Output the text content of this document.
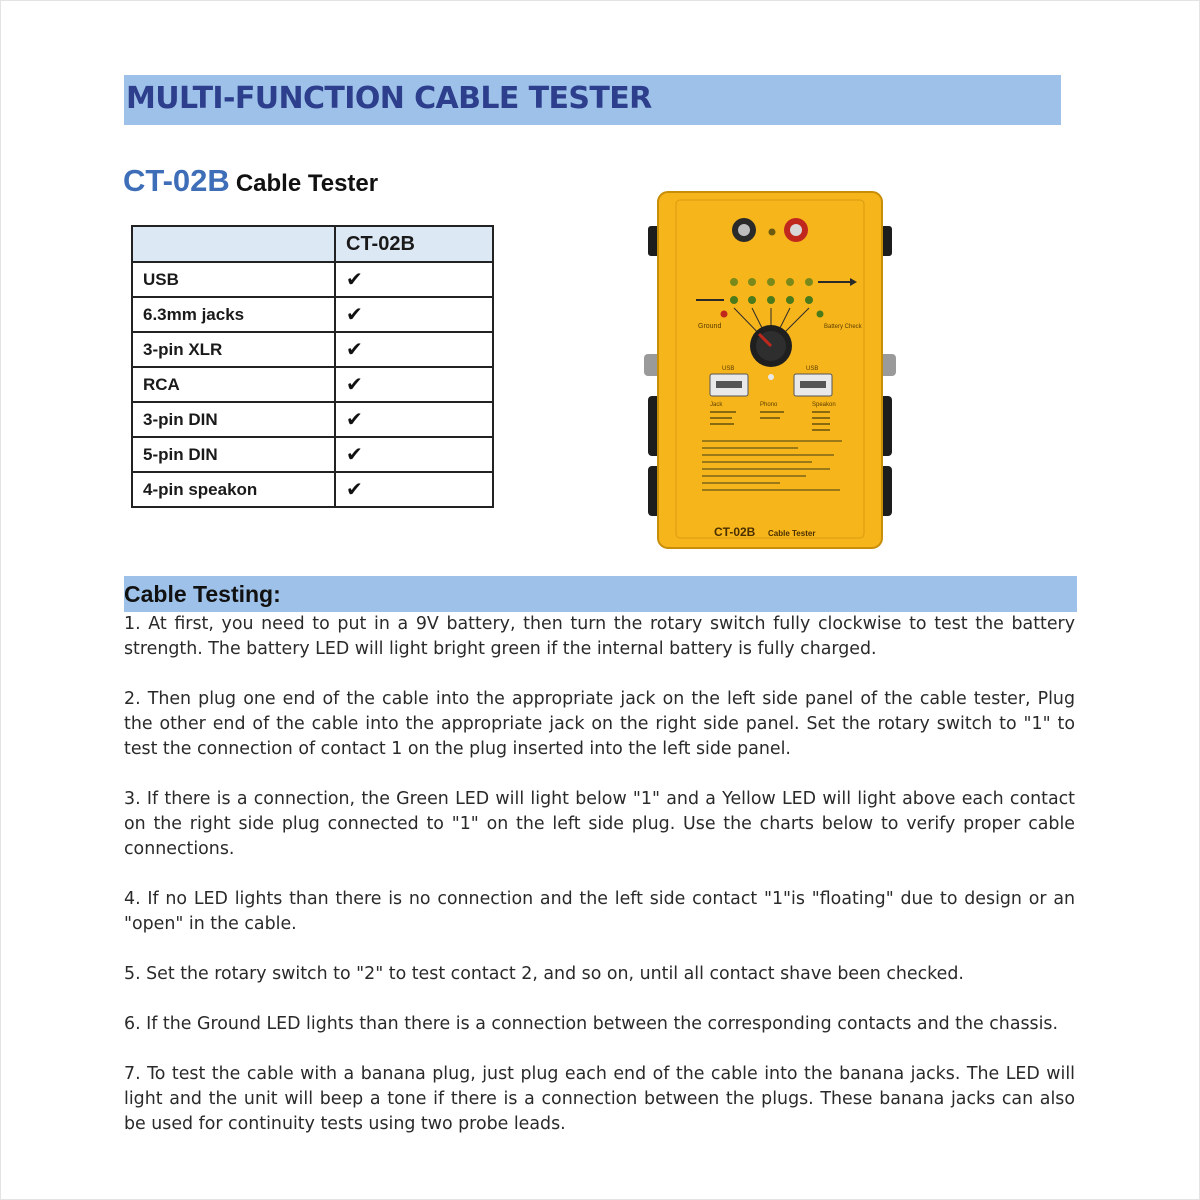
MULTI-FUNCTION CABLE TESTER
CT-02B Cable Tester
	CT-02B
USB	✔
6.3mm jacks	✔
3-pin XLR	✔
RCA	✔
3-pin DIN	✔
5-pin DIN	✔
4-pin speakon	✔
Ground	Battery Check
USB	USB
Jack	Phono	Speakon
CT-02B Cable Tester
Cable Testing:

1. At first, you need to put in a 9V battery, then turn the rotary switch fully clockwise to test the battery strength. The battery LED will light bright green if the internal battery is fully charged.

2. Then plug one end of the cable into the appropriate jack on the left side panel of the cable tester, Plug the other end of the cable into the appropriate jack on the right side panel. Set the rotary switch to "1" to test the connection of contact 1 on the plug inserted into the left side panel.

3. If there is a connection, the Green LED will light below "1" and a Yellow LED will light above each contact on the right side plug connected to "1" on the left side plug. Use the charts below to verify proper cable connections.

4. If no LED lights than there is no connection and the left side contact "1"is "floating" due to design or an "open" in the cable.

5. Set the rotary switch to "2" to test contact 2, and so on, until all contact shave been checked.

6. If the Ground LED lights than there is a connection between the corresponding contacts and the chassis.

7. To test the cable with a banana plug, just plug each end of the cable into the banana jacks. The LED will light and the unit will beep a tone if there is a connection between the plugs. These banana jacks can also be used for continuity tests using two probe leads.
